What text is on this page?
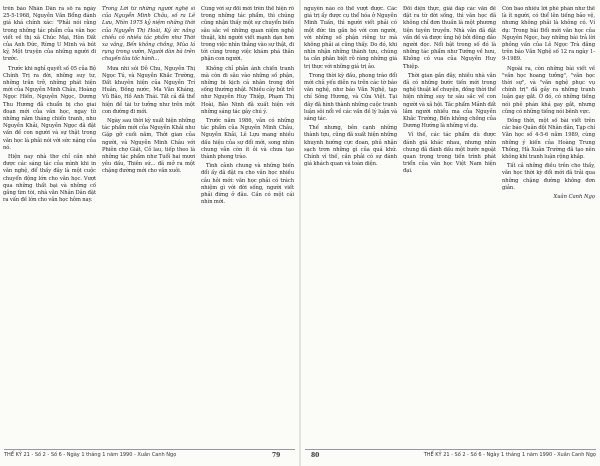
trên báo Nhân Dân ra số ra ngày 25-5-1968, Nguyễn Văn Bổng đánh giá khá chính xác: "Phải nói rằng trong những tác phẩm của văn học viết về thị xã Chúc Mại, Hòn Đất của Anh Đức, Rừng U Minh và bút ký, Một truyện của những người đi trước.

Trước khi nghỉ quyết số 05 của Bộ Chính Trị ra đời, những suy tư, những trăn trở, những phát hiện mới của Nguyễn Minh Châu, Hoàng Ngọc Hiến, Nguyễn Ngọc, Dương Thu Hương đã chuẩn bị cho giai đoạn mới của văn học, ngay từ những năm tháng chiến tranh, như Nguyễn Khải, Nguyễn Ngọc đã đặt vấn đề con người và sự thật trong văn học là phải nói với sức nặng của nó.

Hiện nay nhà thơ chỉ cần nhớ được các sáng tác của mình khi in văn nghệ, để thấy đây là một cuộc chuyển động lớn cho văn học. Vượt qua những thất bại và những cố gắng tìm tòi, nhà văn Nhân Dân đặt ra vấn đề lớn cho văn học hôm nay.

Trong Lời từ những người nghệ sĩ của Nguyễn Minh Châu, số ra Lê Lưu, Nhìn 1975 kỷ niệm những thời của Nguyễn Thị Hoài, Ký ức nắng chiều có nhiều tác phẩm như Thời xa vắng, Bến không chồng, Mùa lá rụng trong vườn, Người đàn bà trên chuyến tàu tốc hành...

Mưa nhi sói Đỗ Chu, Nguyễn Thị Ngọc Tú, và Nguyễn Khắc Trường, Đất khuyên hiện của Nguyễn Trí Huân, Đồng nước, Ma Văn Kháng, Vũ Bão, Hồ Anh Thái. Tất cả đã thể hiện đề tài tư tưởng như trên một con đường đi mới.

Ngày sau thời kỳ xuất hiện những tác phẩm mới của Nguyễn Khải như Gặp gỡ cuối năm, Thời gian của người, và Nguyễn Minh Châu với Phiên chợ Giát, Cỏ lau, tiếp theo là những tác phẩm như Tuổi hai mươi yêu dấu, Thiên sứ... đã mở ra một chặng đường mới cho văn xuôi.

Cùng với sự đổi mới trên thể hiện rõ trong những tác phẩm, thì chúng cũng nhận thấy một sự chuyển biến sâu sắc về những quan niệm nghệ thuật, khi người viết mạnh dạn hơn trong việc nhìn thẳng vào sự thật, đi tới cùng trong việc khám phá thân phận con người.

Không chỉ phản ánh chiến tranh mà còn đi sâu vào những số phận, những bi kịch cá nhân trong đời sống thường nhật. Nhiều cây bút trẻ như Nguyễn Huy Thiệp, Phạm Thị Hoài, Bảo Ninh đã xuất hiện với những sáng tác gây chú ý.

Trước năm 1986, vẫn có những tác phẩm của Nguyễn Minh Châu, Nguyễn Khải, Lê Lựu mang nhiều dấu hiệu của sự đổi mới, song nhìn chung vẫn còn ít ỏi và chưa tạo thành phong trào.

Tình cảnh chung và những biến đổi ấy đã đặt ra cho văn học nhiều câu hỏi mới: văn học phải có trách nhiệm gì với đời sống, người viết phải đứng ở đâu. Cần có một cái nhìn mới.

nguyên nào có thể vượt được. Các giá trị ấy được cụ thể hóa ở Nguyễn Minh Tuấn, thì người viết phải có một đức tin gắn bó với con người, với những số phận riêng tư mà không phải ai cũng thấy. Do đó, khi nhìn nhận những thành tựu, chúng ta cần phân biệt rõ ràng những giá trị thực với những giá trị ảo.

Trong thời kỳ đầu, phong trào đổi mới chủ yếu diễn ra trên các tờ báo văn nghệ, như báo Văn Nghệ, tạp chí Sông Hương, và Cửa Việt. Tại đây đã hình thành những cuộc tranh luận sôi nổi về các vấn đề lý luận và sáng tác.

Thế nhưng, bên cạnh những thành tựu, cũng đã xuất hiện những khuynh hướng cực đoan, phủ nhận sạch trơn những gì của quá khứ. Chính vì thế, cần phải có sự đánh giá khách quan và toàn diện.

Đối diện thực, giải đáp các vấn đề đặt ra từ đời sống, thì văn học đã không chỉ đơn thuần là một phương tiện tuyên truyền. Nhà văn đã đặt vấn đề và được ủng hộ bởi đông đảo người đọc. Nổi bật trong số đó là những tác phẩm như Tướng về hưu, Không có vua của Nguyễn Huy Thiệp.

Thời gian gần đây, nhiều nhà văn đã có những bước tiến mới trong nghệ thuật kể chuyện, đồng thời thể hiện những suy tư sâu sắc về con người và xã hội. Tác phẩm Mảnh đất lắm người nhiều ma của Nguyễn Khắc Trường, Bến không chồng của Dương Hướng là những ví dụ.

Vì thế, các tác phẩm dù được đánh giá khác nhau, nhưng nhìn chung đã đánh dấu một bước ngoặt quan trọng trong tiến trình phát triển của văn học Việt Nam hiện đại.

Còn bao nhiêu lời phê phán như thế là ít người, có thể lên tiếng bảo vệ, nhưng không phải là không có. Ví dụ: Trong bài Đổi mới văn học của Nguyên Ngọc, hay những bài trả lời phỏng vấn của Lê Ngọc Trà đăng trên báo Văn Nghệ số 12 ra ngày 1-9-1989.

Ngoài ra, còn những bài viết về "văn học hoang tưởng", "văn học thời sự", và "văn nghệ phục vụ chính trị" đã gây ra những tranh luận gay gắt. Ở đó, có những tiếng nói phê phán khá gay gắt, nhưng cũng có những tiếng nói bênh vực.

Đồng thời, một số bài viết trên các báo Quân đội Nhân dân, Tạp chí Văn học số 4-5-6 năm 1989, cùng những ý kiến của Hoàng Trung Thông, Hà Xuân Trường đã tạo nên không khí tranh luận rộng khắp.

Tất cả những điều trên cho thấy, văn học thời kỳ đổi mới đã trải qua những chặng đường không đơn giản.

Xuân Canh Ngọ
THẾ KỶ 21 - Số 2 - Số 6 - Ngày 1 tháng 1 năm 1990 - Xuân Canh Ngọ	79	80	THẾ KỶ 21 - Số 2 - Số 6 - Ngày 1 tháng 1 năm 1990 - Xuân Canh Ngọ
